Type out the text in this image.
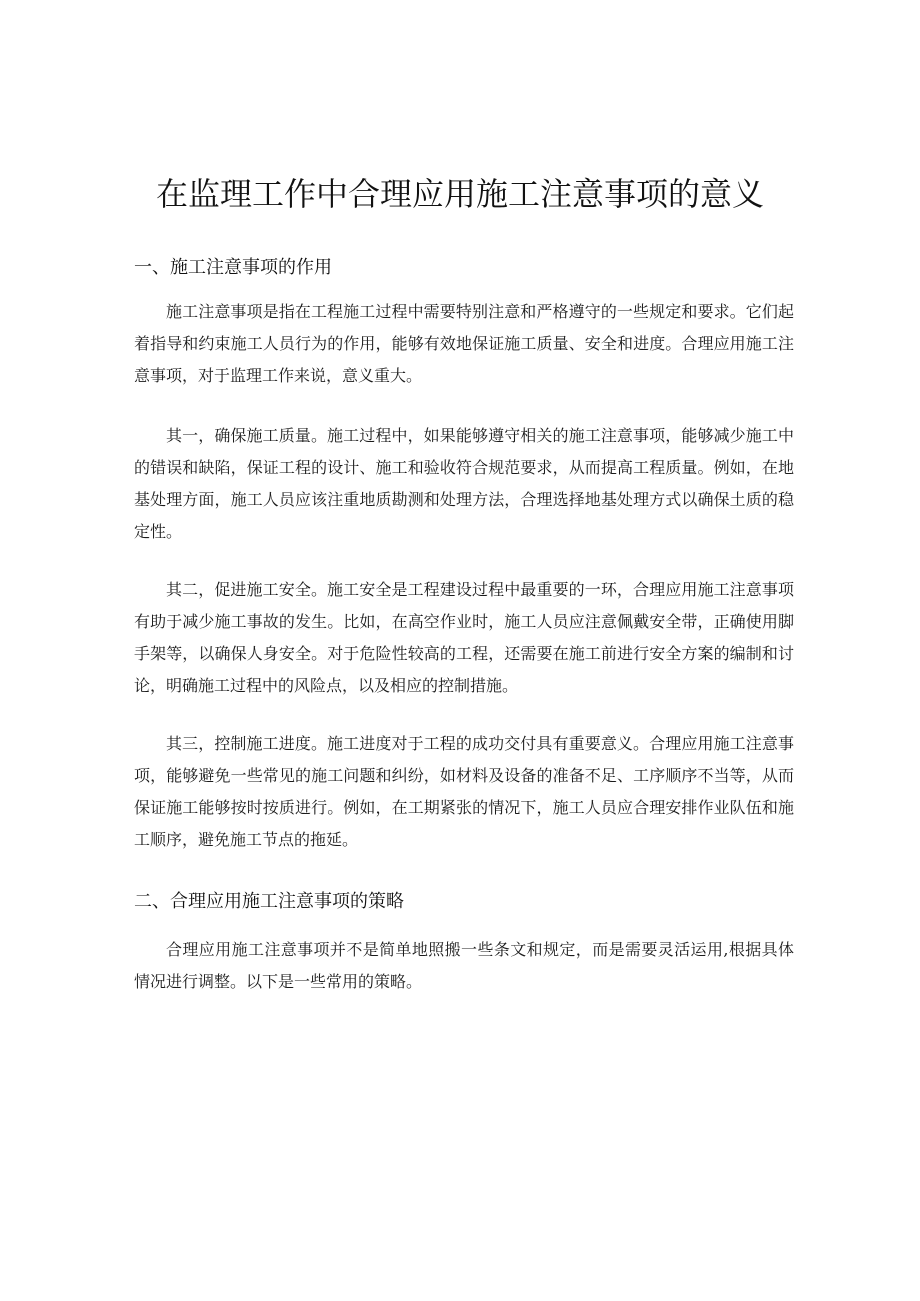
在监理工作中合理应用施工注意事项的意义
一、施工注意事项的作用

施工注意事项是指在工程施工过程中需要特别注意和严格遵守的一些规定和要求。它们起着指导和约束施工人员行为的作用，能够有效地保证施工质量、安全和进度。合理应用施工注意事项，对于监理工作来说，意义重大。

其一，确保施工质量。施工过程中，如果能够遵守相关的施工注意事项，能够减少施工中的错误和缺陷，保证工程的设计、施工和验收符合规范要求，从而提高工程质量。例如，在地基处理方面，施工人员应该注重地质勘测和处理方法，合理选择地基处理方式以确保土质的稳定性。

其二，促进施工安全。施工安全是工程建设过程中最重要的一环，合理应用施工注意事项有助于减少施工事故的发生。比如，在高空作业时，施工人员应注意佩戴安全带，正确使用脚手架等，以确保人身安全。对于危险性较高的工程，还需要在施工前进行安全方案的编制和讨论，明确施工过程中的风险点，以及相应的控制措施。

其三，控制施工进度。施工进度对于工程的成功交付具有重要意义。合理应用施工注意事项，能够避免一些常见的施工问题和纠纷，如材料及设备的准备不足、工序顺序不当等，从而保证施工能够按时按质进行。例如，在工期紧张的情况下，施工人员应合理安排作业队伍和施工顺序，避免施工节点的拖延。

二、合理应用施工注意事项的策略

合理应用施工注意事项并不是简单地照搬一些条文和规定，而是需要灵活运用,根据具体情况进行调整。以下是一些常用的策略。
